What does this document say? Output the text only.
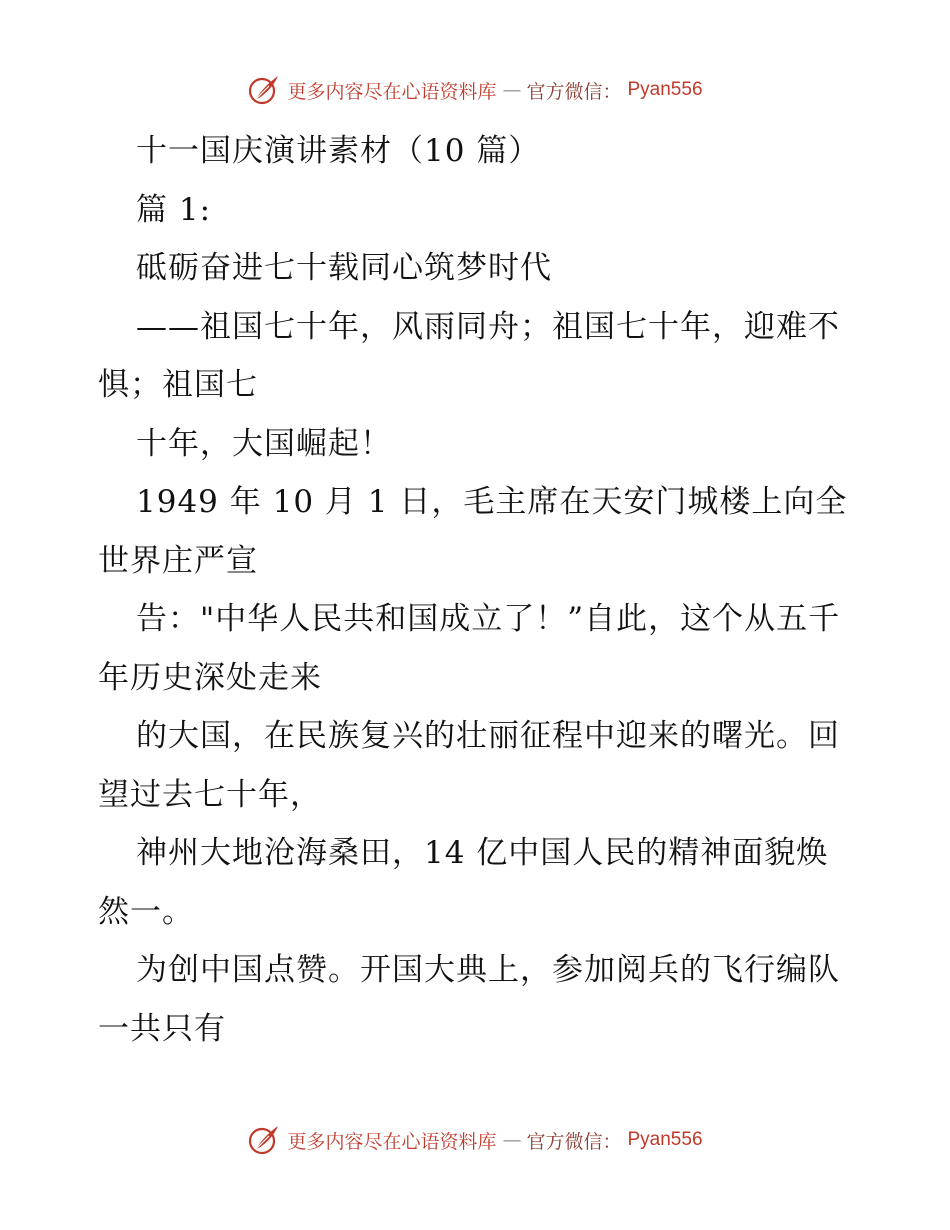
更多内容尽在心语资料库 — 官方微信： Pyan556

十一国庆演讲素材（10 篇）

篇 1:

砥砺奋进七十载同心筑梦时代

——祖国七十年，风雨同舟；祖国七十年，迎难不惧；祖国七

十年，大国崛起！

1949 年 10 月 1 日，毛主席在天安门城楼上向全世界庄严宣

告："中华人民共和国成立了！”自此，这个从五千年历史深处走来

的大国，在民族复兴的壮丽征程中迎来的曙光。回望过去七十年，

神州大地沧海桑田，14 亿中国人民的精神面貌焕然一。

为创中国点赞。开国大典上，参加阅兵的飞行编队一共只有

更多内容尽在心语资料库 — 官方微信： Pyan556
